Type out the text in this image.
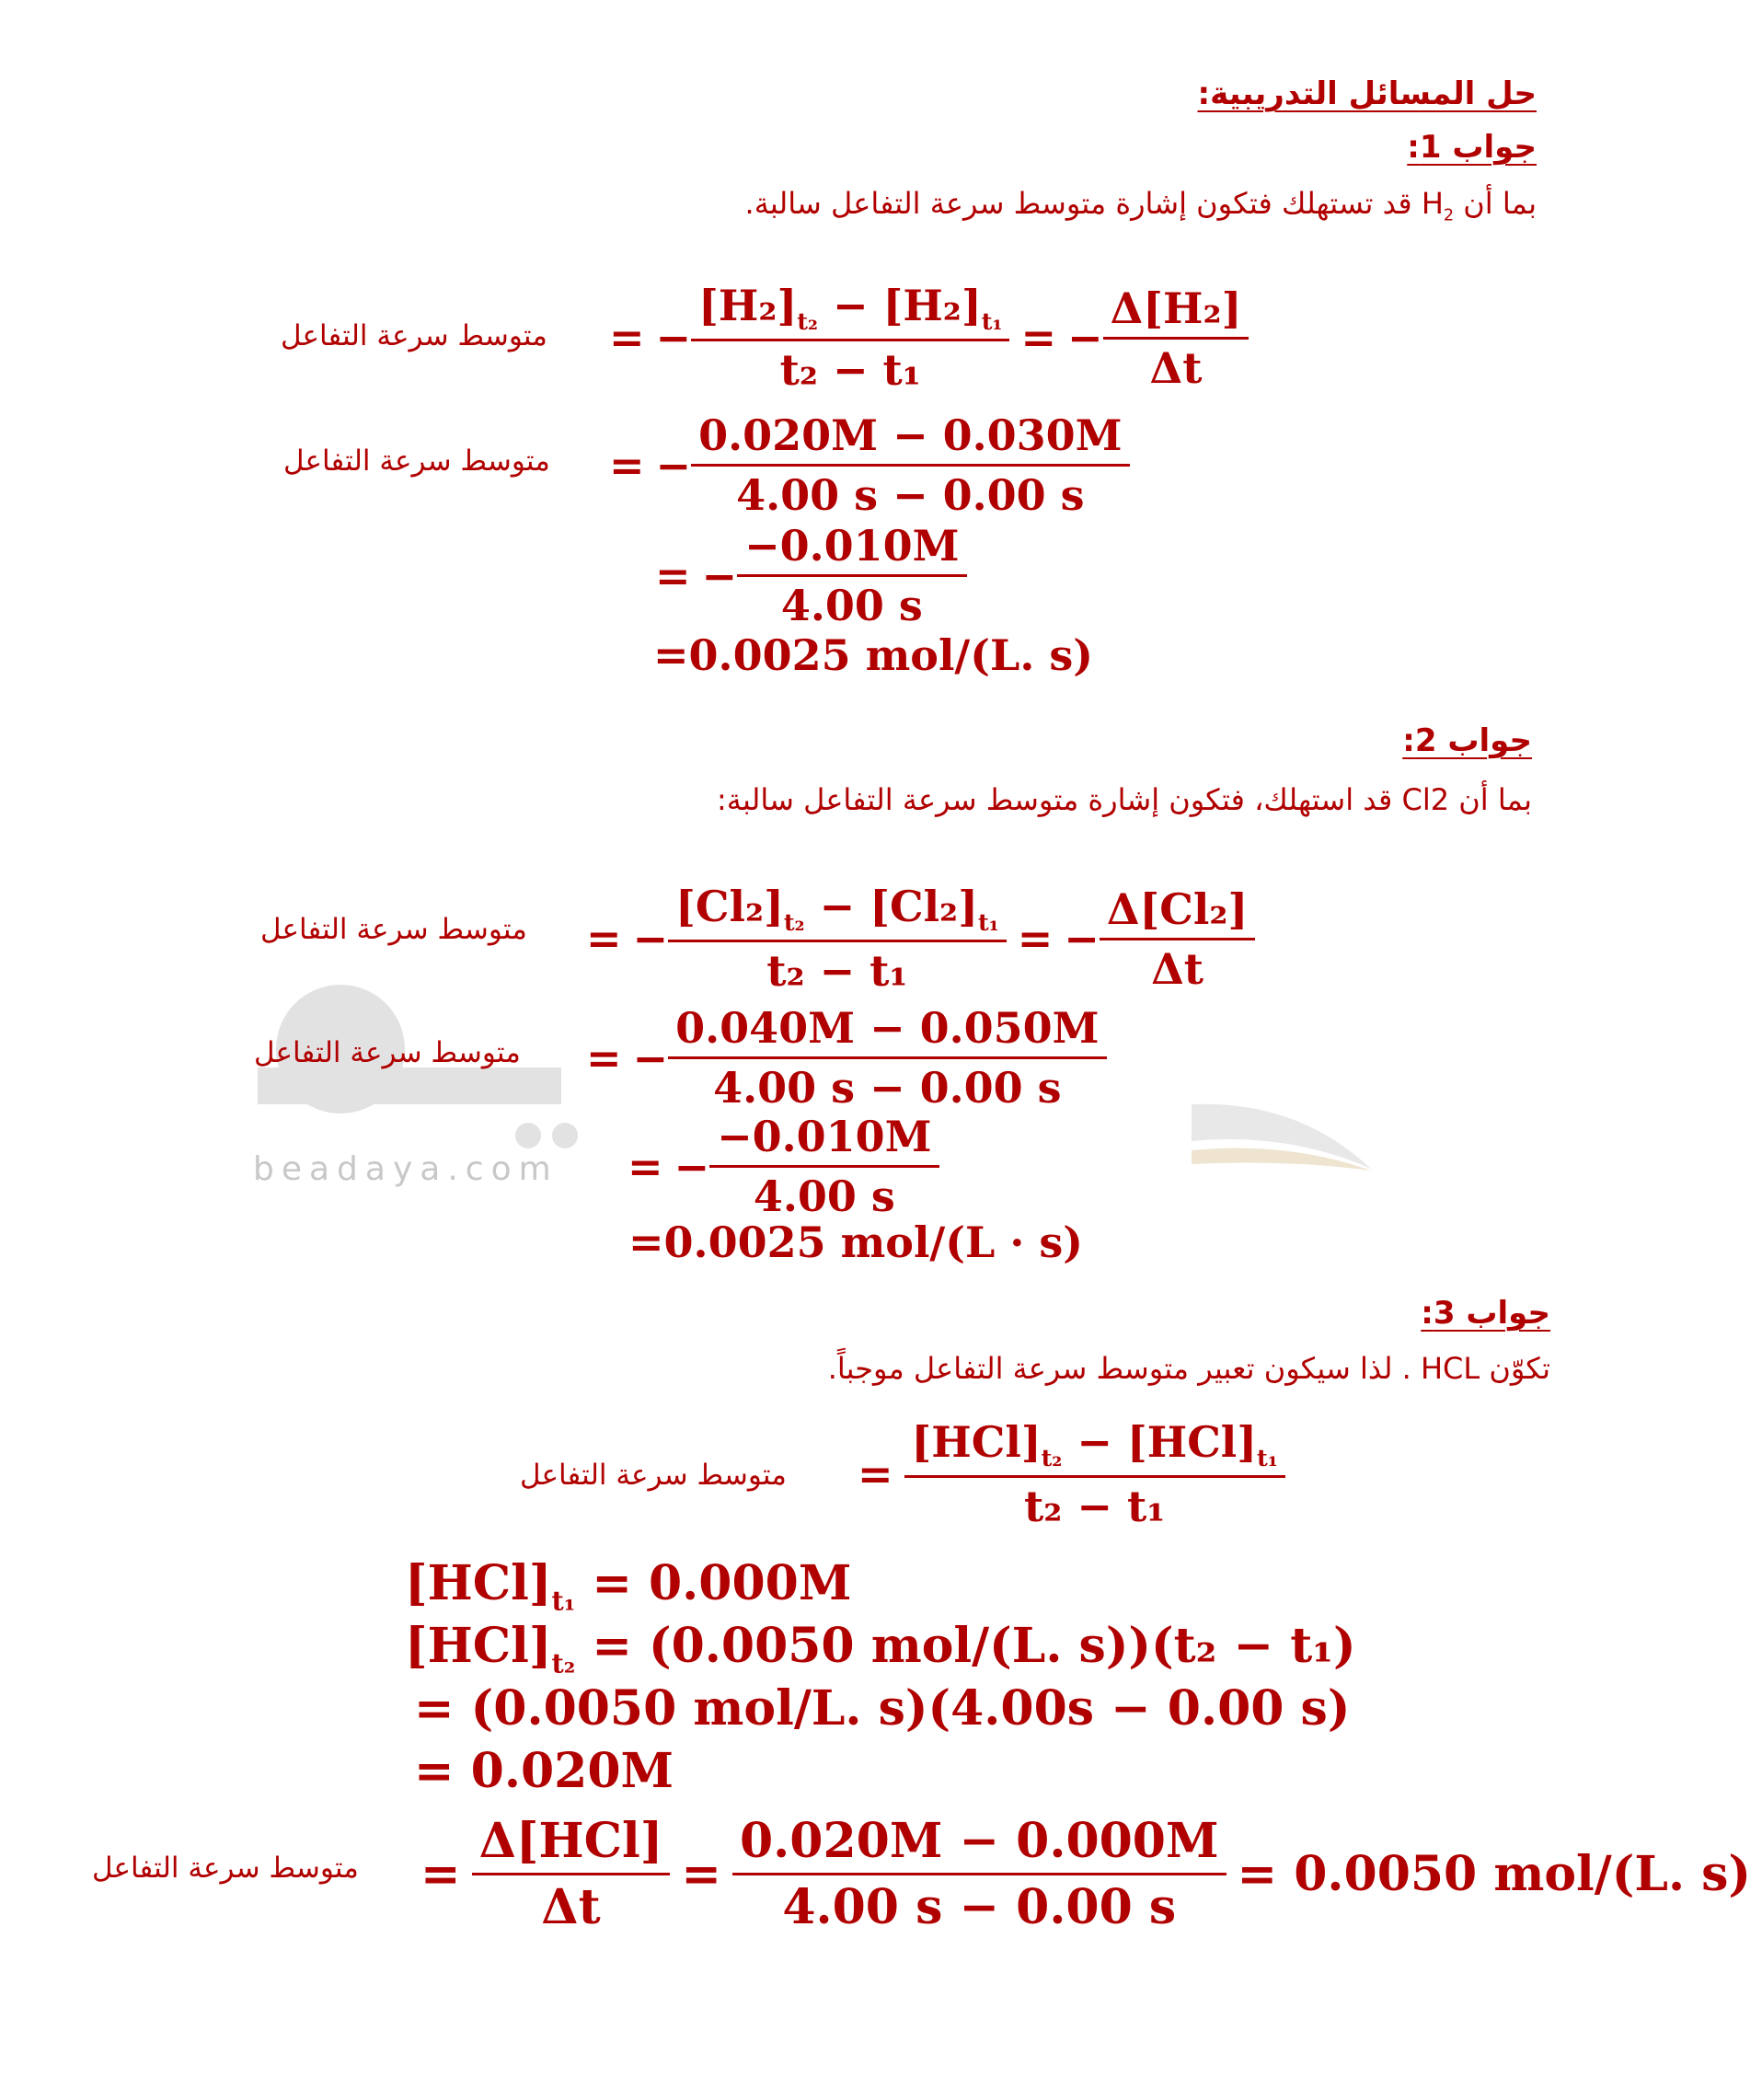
beadaya.com
حل المسائل التدريبية:
جواب 1:
بما أن $H_2$ قد تستهلك فتكون إشارة متوسط سرعة التفاعل سالبة.
متوسط سرعة التفاعل = − $\frac{[H_2]_{t_2} - [H_2]_{t_1}}{\text{t₂ − t₁}}$ = − $\frac{\text{Δ[H₂]}}{\Delta t}$
متوسط سرعة التفاعل = − $\frac{0.020M - 0.030M}{4.00 s - 0.00 s}$
= − $\frac{-0.010M}{4.00 s}$
=0.0025 mol/(L. s)
جواب 2:
بما أن Cl2 قد استهلك، فتكون إشارة متوسط سرعة التفاعل سالبة:
متوسط سرعة التفاعل = − $\frac{[Cl_2]_{t_2} - [Cl_2]_{t_1}}{\text{t₂ − t₁}}$ = − $\frac{\text{Δ[Cl₂]}}{\Delta t}$
متوسط سرعة التفاعل = − $\frac{0.040M - 0.050M}{4.00 s - 0.00 s}$
= − $\frac{-0.010M}{4.00 s}$
=0.0025 mol/(L · s)
جواب 3:
تكوّن HCL . لذا سيكون تعبير متوسط سرعة التفاعل موجباً.
متوسط سرعة التفاعل = $\frac{[HCl]_{t_2} - [HCl]_{t_1}}{\text{t₂ − t₁}}$
$[HCl]_{t_1} = 0.000M$
$[HCl]_{t_2} = (0.0050$ mol/(L. s))(t₂ − t₁)
= (0.0050 mol/L. s)(4.00s − 0.00 s)
= 0.020M
متوسط سرعة التفاعل = $\frac{\text{Δ[HCl]}}{\Delta t} = \frac{0.020M - 0.000M}{4.00 s - 0.00 s} = 0.0050$ mol/(L. s)
